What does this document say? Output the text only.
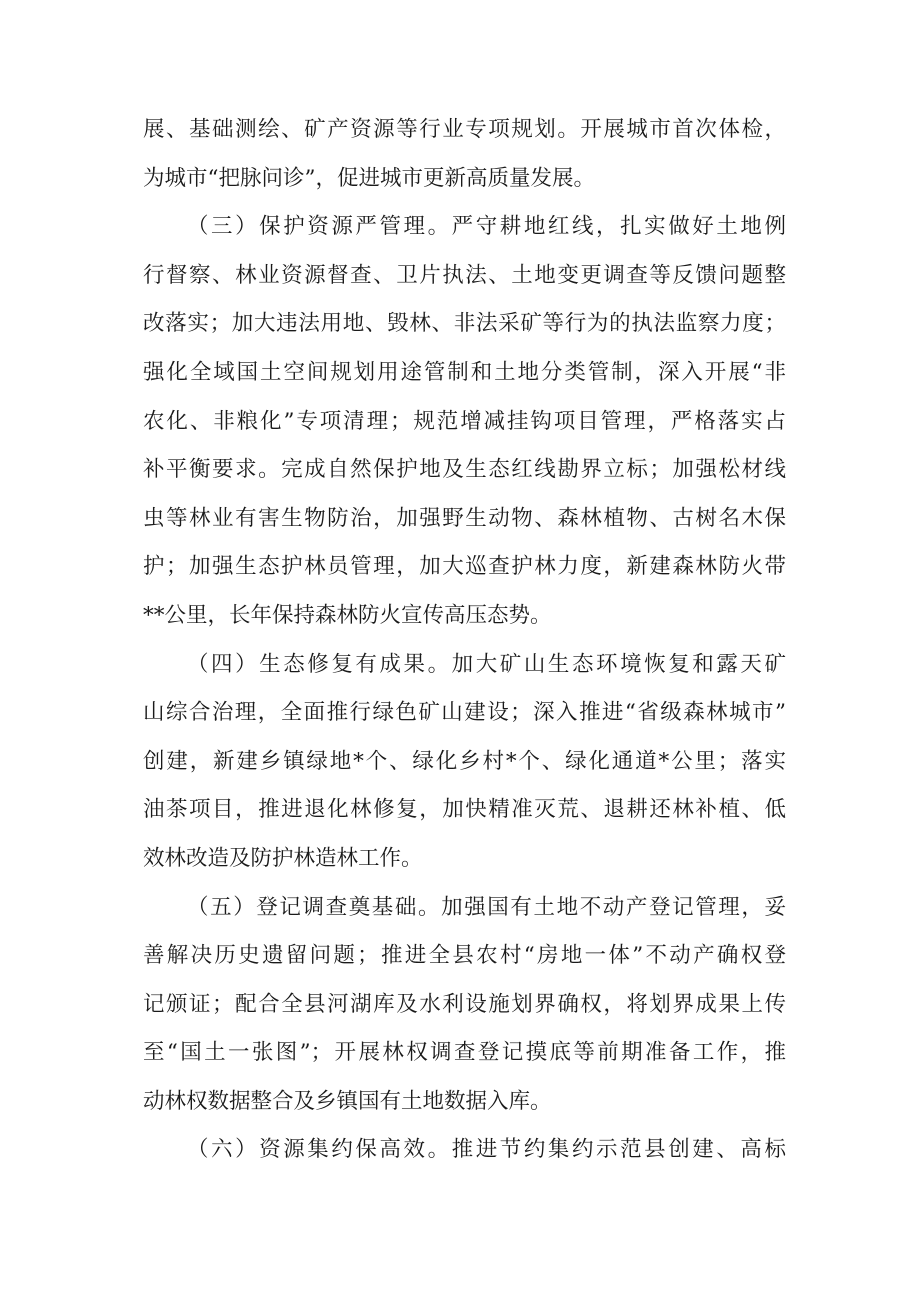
展、基础测绘、矿产资源等行业专项规划。开展城市首次体检，
为城市“把脉问诊”，促进城市更新高质量发展。
（三）保护资源严管理。严守耕地红线，扎实做好土地例
行督察、林业资源督查、卫片执法、土地变更调查等反馈问题整
改落实；加大违法用地、毁林、非法采矿等行为的执法监察力度；
强化全域国土空间规划用途管制和土地分类管制，深入开展“非
农化、非粮化”专项清理；规范增减挂钩项目管理，严格落实占
补平衡要求。完成自然保护地及生态红线勘界立标；加强松材线
虫等林业有害生物防治，加强野生动物、森林植物、古树名木保
护；加强生态护林员管理，加大巡查护林力度，新建森林防火带
**公里，长年保持森林防火宣传高压态势。
（四）生态修复有成果。加大矿山生态环境恢复和露天矿
山综合治理，全面推行绿色矿山建设；深入推进“省级森林城市”
创建，新建乡镇绿地*个、绿化乡村*个、绿化通道*公里；落实
油茶项目，推进退化林修复，加快精准灭荒、退耕还林补植、低
效林改造及防护林造林工作。
（五）登记调查奠基础。加强国有土地不动产登记管理，妥
善解决历史遗留问题；推进全县农村“房地一体”不动产确权登
记颁证；配合全县河湖库及水利设施划界确权，将划界成果上传
至“国土一张图”；开展林权调查登记摸底等前期准备工作，推
动林权数据整合及乡镇国有土地数据入库。
（六）资源集约保高效。推进节约集约示范县创建、高标
